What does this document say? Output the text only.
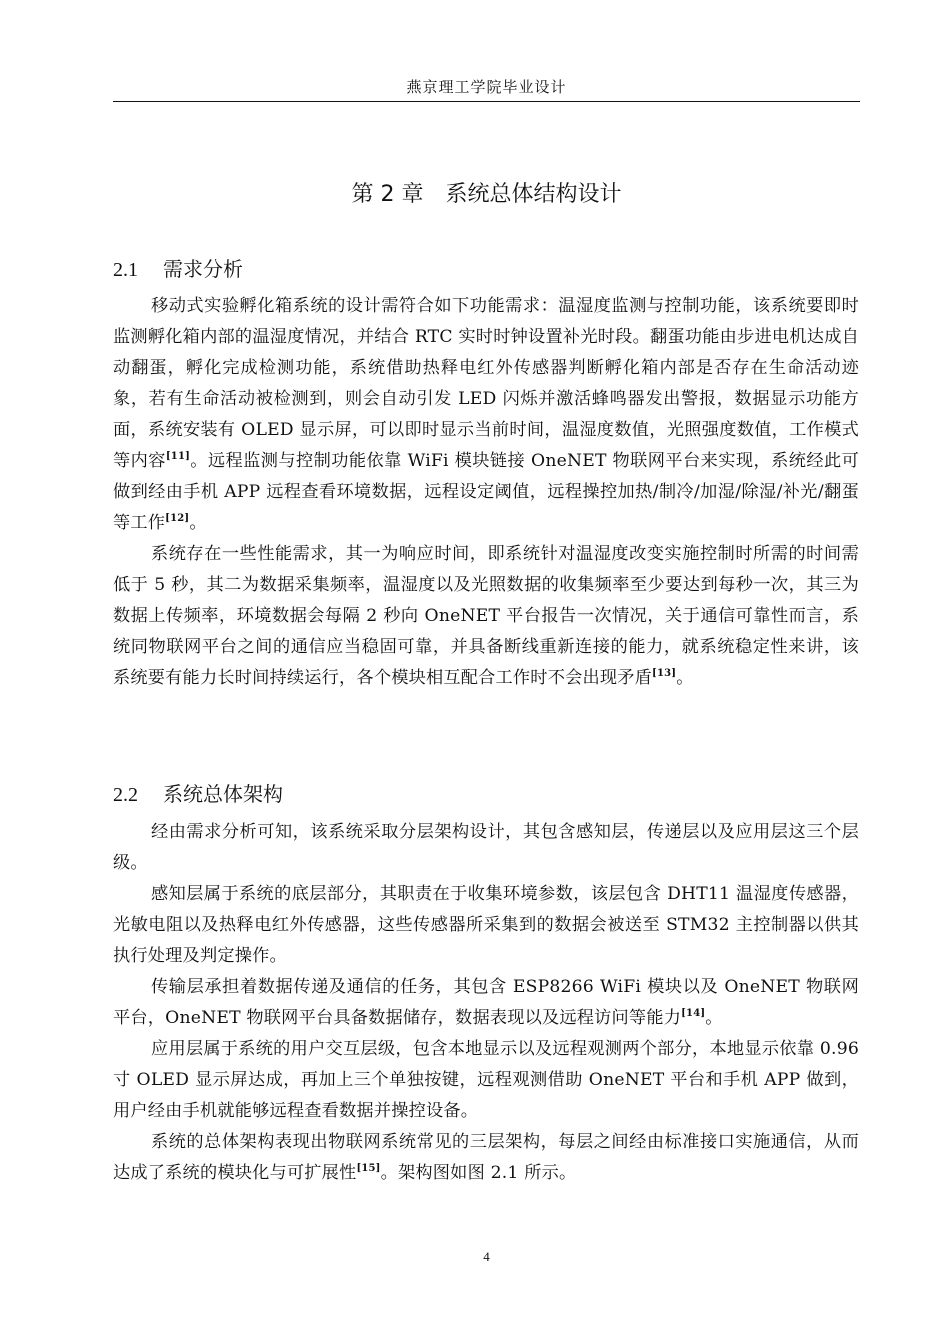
燕京理工学院毕业设计
第 2 章　系统总体结构设计
2.1 需求分析

移动式实验孵化箱系统的设计需符合如下功能需求：温湿度监测与控制功能，该系统要即时监测孵化箱内部的温湿度情况，并结合 RTC 实时时钟设置补光时段。翻蛋功能由步进电机达成自动翻蛋，孵化完成检测功能，系统借助热释电红外传感器判断孵化箱内部是否存在生命活动迹象，若有生命活动被检测到，则会自动引发 LED 闪烁并激活蜂鸣器发出警报，数据显示功能方面，系统安装有 OLED 显示屏，可以即时显示当前时间，温湿度数值，光照强度数值，工作模式等内容[11]。远程监测与控制功能依靠 WiFi 模块链接 OneNET 物联网平台来实现，系统经此可做到经由手机 APP 远程查看环境数据，远程设定阈值，远程操控加热/制冷/加湿/除湿/补光/翻蛋等工作[12]。

系统存在一些性能需求，其一为响应时间，即系统针对温湿度改变实施控制时所需的时间需低于 5 秒，其二为数据采集频率，温湿度以及光照数据的收集频率至少要达到每秒一次，其三为数据上传频率，环境数据会每隔 2 秒向 OneNET 平台报告一次情况，关于通信可靠性而言，系统同物联网平台之间的通信应当稳固可靠，并具备断线重新连接的能力，就系统稳定性来讲，该系统要有能力长时间持续运行，各个模块相互配合工作时不会出现矛盾[13]。

2.2 系统总体架构

经由需求分析可知，该系统采取分层架构设计，其包含感知层，传递层以及应用层这三个层级。

感知层属于系统的底层部分，其职责在于收集环境参数，该层包含 DHT11 温湿度传感器，光敏电阻以及热释电红外传感器，这些传感器所采集到的数据会被送至 STM32 主控制器以供其执行处理及判定操作。

传输层承担着数据传递及通信的任务，其包含 ESP8266 WiFi 模块以及 OneNET 物联网平台，OneNET 物联网平台具备数据储存，数据表现以及远程访问等能力[14]。

应用层属于系统的用户交互层级，包含本地显示以及远程观测两个部分，本地显示依靠 0.96 寸 OLED 显示屏达成，再加上三个单独按键，远程观测借助 OneNET 平台和手机 APP 做到，用户经由手机就能够远程查看数据并操控设备。

系统的总体架构表现出物联网系统常见的三层架构，每层之间经由标准接口实施通信，从而达成了系统的模块化与可扩展性[15]。架构图如图 2.1 所示。

4
